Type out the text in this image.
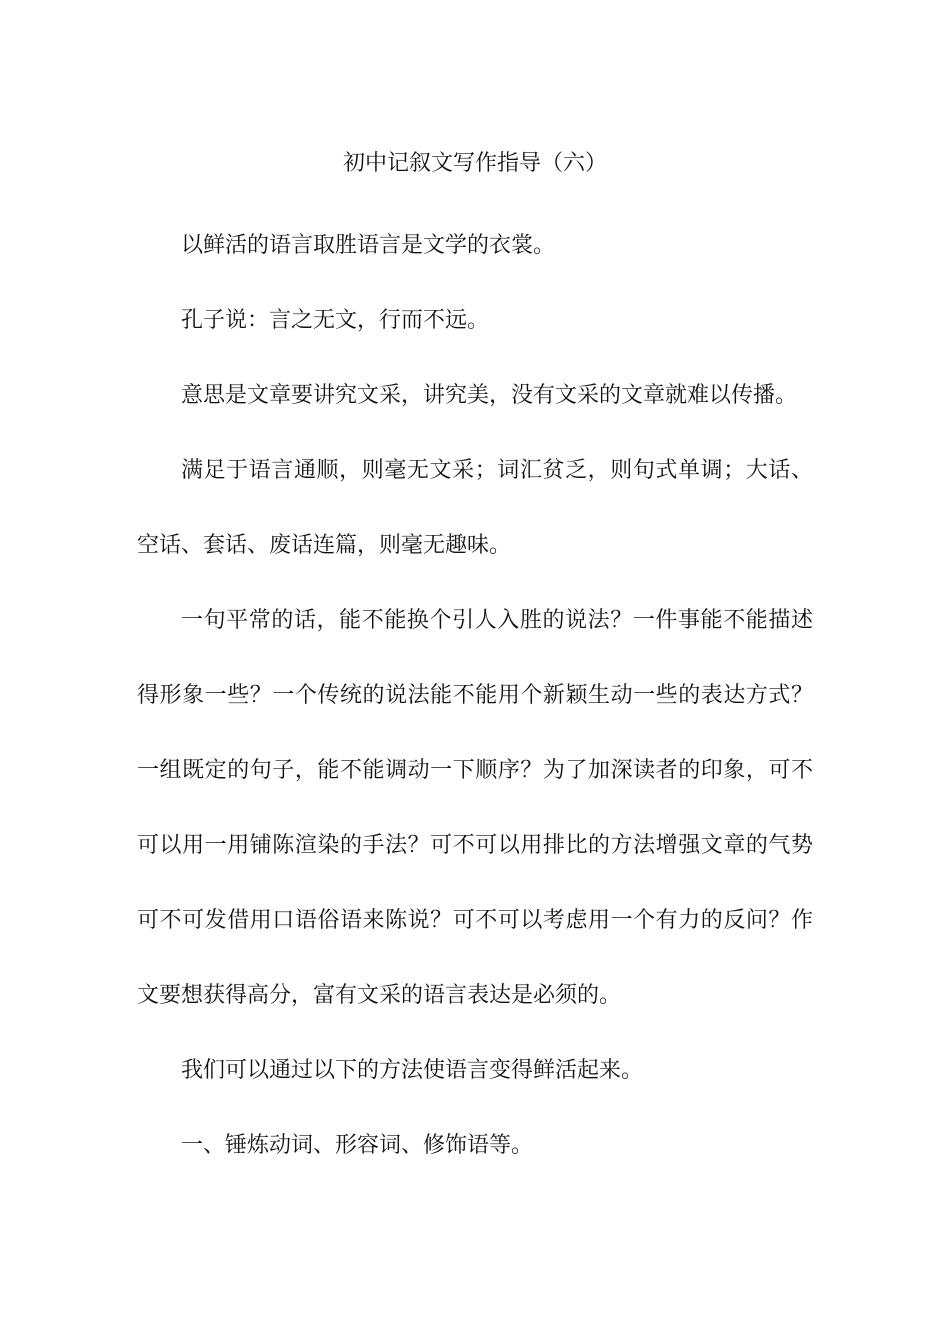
初中记叙文写作指导（六）

以鲜活的语言取胜语言是文学的衣裳。

孔子说：言之无文，行而不远。

意思是文章要讲究文采，讲究美，没有文采的文章就难以传播。

满足于语言通顺，则毫无文采；词汇贫乏，则句式单调；大话、空话、套话、废话连篇，则毫无趣味。

一句平常的话，能不能换个引人入胜的说法？一件事能不能描述得形象一些？一个传统的说法能不能用个新颖生动一些的表达方式？一组既定的句子，能不能调动一下顺序？为了加深读者的印象，可不可以用一用铺陈渲染的手法？可不可以用排比的方法增强文章的气势可不可发借用口语俗语来陈说？可不可以考虑用一个有力的反问？作文要想获得高分，富有文采的语言表达是必须的。

我们可以通过以下的方法使语言变得鲜活起来。

一、锤炼动词、形容词、修饰语等。
